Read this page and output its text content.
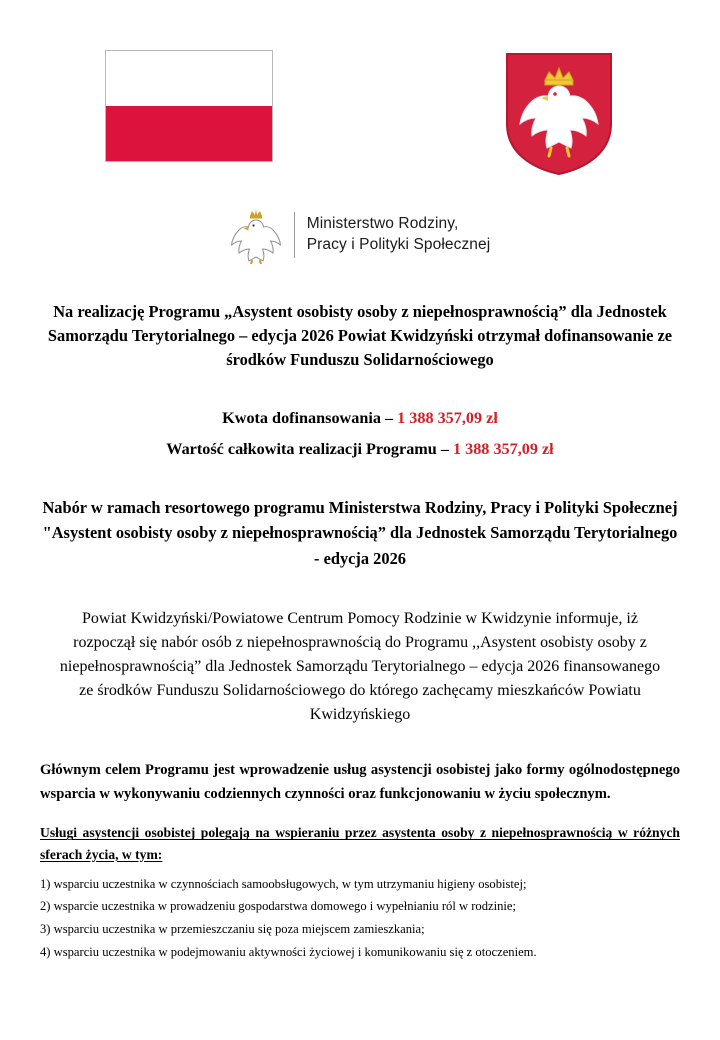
Ministerstwo Rodziny,
Pracy i Polityki Społecznej

Na realizację Programu „Asystent osobisty osoby z niepełnosprawnością” dla Jednostek Samorządu Terytorialnego – edycja 2026 Powiat Kwidzyński otrzymał dofinansowanie ze środków Funduszu Solidarnościowego

Kwota dofinansowania – 1 388 357,09 zł
Wartość całkowita realizacji Programu – 1 388 357,09 zł

Nabór w ramach resortowego programu Ministerstwa Rodziny, Pracy i Polityki Społecznej "Asystent osobisty osoby z niepełnosprawnością” dla Jednostek Samorządu Terytorialnego - edycja 2026

Powiat Kwidzyński/Powiatowe Centrum Pomocy Rodzinie w Kwidzynie informuje, iż rozpoczął się nabór osób z niepełnosprawnością do Programu ,,Asystent osobisty osoby z niepełnosprawnością” dla Jednostek Samorządu Terytorialnego – edycja 2026 finansowanego ze środków Funduszu Solidarnościowego do którego zachęcamy mieszkańców Powiatu Kwidzyńskiego

Głównym celem Programu jest wprowadzenie usług asystencji osobistej jako formy ogólnodostępnego wsparcia w wykonywaniu codziennych czynności oraz funkcjonowaniu w życiu społecznym.

Usługi asystencji osobistej polegają na wspieraniu przez asystenta osoby z niepełnosprawnością w różnych sferach życia, w tym:

1) wsparciu uczestnika w czynnościach samoobsługowych, w tym utrzymaniu higieny osobistej;

2) wsparcie uczestnika w prowadzeniu gospodarstwa domowego i wypełnianiu ról w rodzinie;

3) wsparciu uczestnika w przemieszczaniu się poza miejscem zamieszkania;

4) wsparciu uczestnika w podejmowaniu aktywności życiowej i komunikowaniu się z otoczeniem.
